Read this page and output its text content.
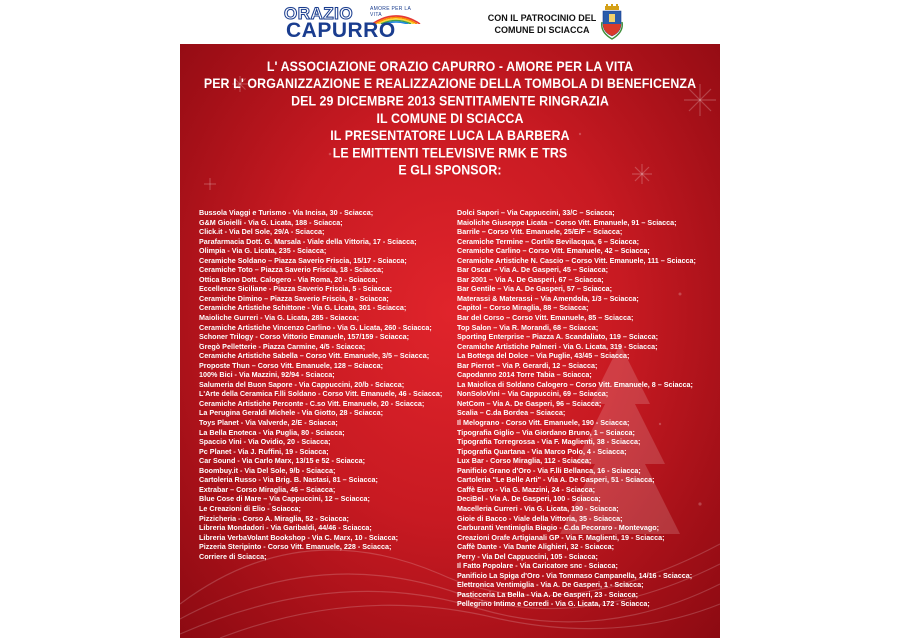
ORAZIO	AMORE PER LA VITA
CAPURRO
CON IL PATROCINIO DEL
COMUNE DI SCIACCA
L' ASSOCIAZIONE ORAZIO CAPURRO - AMORE PER LA VITA
PER L' ORGANIZZAZIONE E REALIZZAZIONE DELLA TOMBOLA DI BENEFICENZA
DEL 29 DICEMBRE 2013 SENTITAMENTE RINGRAZIA
IL COMUNE DI SCIACCA
IL PRESENTATORE LUCA LA BARBERA
LE EMITTENTI TELEVISIVE RMK E TRS
E GLI SPONSOR:
Bussola Viaggi e Turismo - Via Incisa, 30 - Sciacca;
G&M Gioielli - Via G. Licata, 188 - Sciacca;
Click.it - Via Del Sole, 29/A - Sciacca;
Parafarmacia Dott. G. Marsala - Viale della Vittoria, 17 - Sciacca;
Olimpia - Via G. Licata, 235 - Sciacca;
Ceramiche Soldano – Piazza Saverio Friscia, 15/17 - Sciacca;
Ceramiche Toto – Piazza Saverio Friscia, 18 - Sciacca;
Ottica Bono Dott. Calogero - Via Roma, 20 - Sciacca;
Eccellenze Siciliane - Piazza Saverio Friscia, 5 - Sciacca;
Ceramiche Dimino – Piazza Saverio Friscia, 8 - Sciacca;
Ceramiche Artistiche Schittone - Via G. Licata, 301 - Sciacca;
Maioliche Gurreri - Via G. Licata, 285 - Sciacca;
Ceramiche Artistiche Vincenzo Carlino - Via G. Licata, 260 - Sciacca;
Schoner Trilogy - Corso Vittorio Emanuele, 157/159 - Sciacca;
Gregò Pelletterie - Piazza Carmine, 4/5 - Sciacca;
Ceramiche Artistiche Sabella – Corso Vitt. Emanuele, 3/5 – Sciacca;
Proposte Thun – Corso Vitt. Emanuele, 128 – Sciacca;
100% Bici - Via Mazzini, 92/94 - Sciacca;
Salumeria del Buon Sapore - Via Cappuccini, 20/b - Sciacca;
L'Arte della Ceramica F.lli Soldano - Corso Vitt. Emanuele, 46 - Sciacca;
Ceramiche Artistiche Perconte - C.so Vitt. Emanuele, 20 - Sciacca;
La Perugina Geraldi Michele - Via Giotto, 28 - Sciacca;
Toys Planet - Via Valverde, 2/E - Sciacca;
La Bella Enoteca - Via Puglia, 80 - Sciacca;
Spaccio Vini - Via Ovidio, 20 - Sciacca;
Pc Planet - Via J. Ruffini, 19 - Sciacca;
Car Sound - Via Carlo Marx, 13/15 e 52 - Sciacca;
Boombuy.it - Via Del Sole, 9/b - Sciacca;
Cartoleria Russo - Via Brig. B. Nastasi, 81 – Sciacca;
Extrabar – Corso Miraglia, 46 – Sciacca;
Blue Cose di Mare – Via Cappuccini, 12 – Sciacca;
Le Creazioni di Elio - Sciacca;
Pizzicheria - Corso A. Miraglia, 52 - Sciacca;
Libreria Mondadori - Via Garibaldi, 44/46 - Sciacca;
Libreria VerbaVolant Bookshop - Via C. Marx, 10 - Sciacca;
Pizzeria Steripinto - Corso Vitt. Emanuele, 228 - Sciacca;
Corriere di Sciacca;
Dolci Sapori – Via Cappuccini, 33/C – Sciacca;
Maioliche Giuseppe Licata – Corso Vitt. Emanuele, 91 – Sciacca;
Barrile – Corso Vitt. Emanuele, 25/E/F – Sciacca;
Ceramiche Termine – Cortile Bevilacqua, 6 – Sciacca;
Ceramiche Carlino – Corso Vitt. Emanuele, 42 – Sciacca;
Ceramiche Artistiche N. Cascio – Corso Vitt. Emanuele, 111 – Sciacca;
Bar Oscar – Via A. De Gasperi, 45 – Sciacca;
Bar 2001 – Via A. De Gasperi, 67 – Sciacca;
Bar Gentile – Via A. De Gasperi, 57 – Sciacca;
Materassi & Materassi – Via Amendola, 1/3 – Sciacca;
Capitol – Corso Miraglia, 88 – Sciacca;
Bar del Corso – Corso Vitt. Emanuele, 85 – Sciacca;
Top Salon – Via R. Morandi, 68 – Sciacca;
Sporting Enterprise – Piazza A. Scandaliato, 119 – Sciacca;
Ceramiche Artistiche Palmeri - Via G. Licata, 319 - Sciacca;
La Bottega del Dolce – Via Puglie, 43/45 – Sciacca;
Bar Pierrot – Via P. Gerardi, 12 – Sciacca;
Capodanno 2014 Torre Tabia – Sciacca;
La Maiolica di Soldano Calogero – Corso Vitt. Emanuele, 8 – Sciacca;
NonSoloVini – Via Cappuccini, 69 – Sciacca;
NetCom – Via A. De Gasperi, 96 – Sciacca;
Scalia – C.da Bordea – Sciacca;
Il Melograno - Corso Vitt. Emanuele, 190 - Sciacca;
Tipografia Giglio – Via Giordano Bruno, 1 – Sciacca;
Tipografia Torregrossa - Via F. Maglienti, 38 - Sciacca;
Tipografia Quartana - Via Marco Polo, 4 - Sciacca;
Lux Bar - Corso Miraglia, 112 - Sciacca;
Panificio Grano d'Oro - Via F.lli Bellanca, 16 - Sciacca;
Cartoleria "Le Belle Arti" - Via A. De Gasperi, 51 - Sciacca;
Caffè Euro - Via G. Mazzini, 24 - Sciacca;
DeciBel - Via A. De Gasperi, 100 - Sciacca;
Macelleria Curreri - Via G. Licata, 190 - Sciacca;
Gioie di Bacco - Viale della Vittoria, 35 - Sciacca;
Carburanti Ventimiglia Biagio - C.da Pecoraro - Montevago;
Creazioni Orafe Artigianali GP - Via F. Maglienti, 19 - Sciacca;
Caffè Dante - Via Dante Alighieri, 32 - Sciacca;
Perry - Via Del Cappuccini, 105 - Sciacca;
Il Fatto Popolare - Via Caricatore snc - Sciacca;
Panificio La Spiga d'Oro - Via Tommaso Campanella, 14/16 - Sciacca;
Elettronica Ventimiglia - Via A. De Gasperi, 1 - Sciacca;
Pasticceria La Bella - Via A. De Gasperi, 23 - Sciacca;
Pellegrino Intimo e Corredi - Via G. Licata, 172 - Sciacca;
